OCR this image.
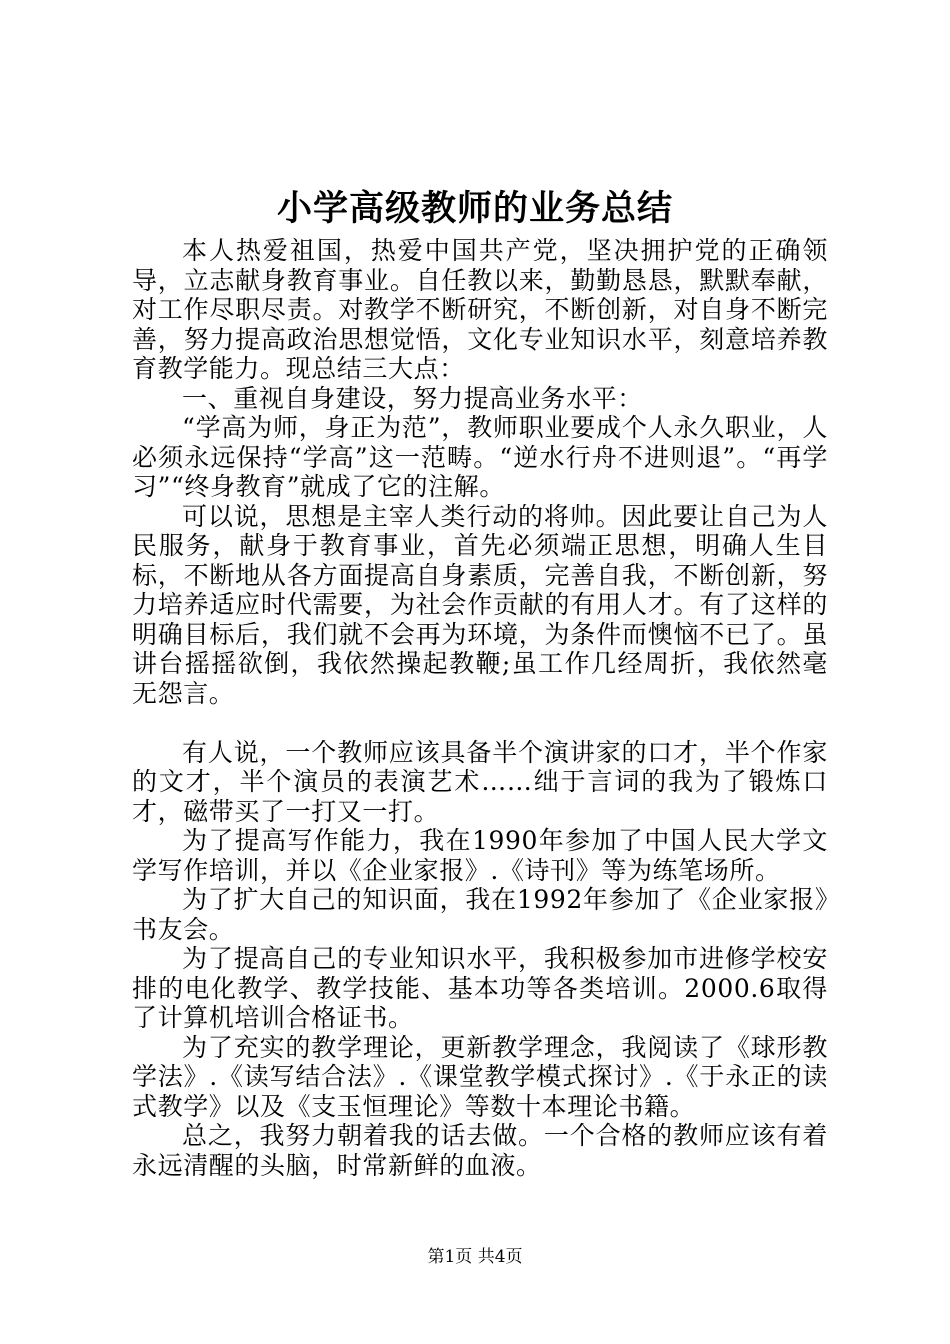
小学高级教师的业务总结

本人热爱祖国，热爱中国共产党，坚决拥护党的正确领导，立志献身教育事业。自任教以来，勤勤恳恳，默默奉献，对工作尽职尽责。对教学不断研究，不断创新，对自身不断完善，努力提高政治思想觉悟，文化专业知识水平，刻意培养教育教学能力。现总结三大点：

一、重视自身建设，努力提高业务水平：

“学高为师，身正为范”，教师职业要成个人永久职业，人必须永远保持“学高”这一范畴。“逆水行舟不进则退”。“再学习”“终身教育”就成了它的注解。

可以说，思想是主宰人类行动的将帅。因此要让自己为人民服务，献身于教育事业，首先必须端正思想，明确人生目标，不断地从各方面提高自身素质，完善自我，不断创新，努力培养适应时代需要，为社会作贡献的有用人才。有了这样的明确目标后，我们就不会再为环境，为条件而懊恼不已了。虽讲台摇摇欲倒，我依然操起教鞭;虽工作几经周折，我依然毫无怨言。

有人说，一个教师应该具备半个演讲家的口才，半个作家的文才，半个演员的表演艺术……绌于言词的我为了锻炼口才，磁带买了一打又一打。

为了提高写作能力，我在1990年参加了中国人民大学文学写作培训，并以《企业家报》.《诗刊》等为练笔场所。

为了扩大自己的知识面，我在1992年参加了《企业家报》书友会。

为了提高自己的专业知识水平，我积极参加市进修学校安排的电化教学、教学技能、基本功等各类培训。2000.6取得了计算机培训合格证书。

为了充实的教学理论，更新教学理念，我阅读了《球形教学法》.《读写结合法》.《课堂教学模式探讨》.《于永正的读式教学》以及《支玉恒理论》等数十本理论书籍。

总之，我努力朝着我的话去做。一个合格的教师应该有着永远清醒的头脑，时常新鲜的血液。

第1页 共4页
